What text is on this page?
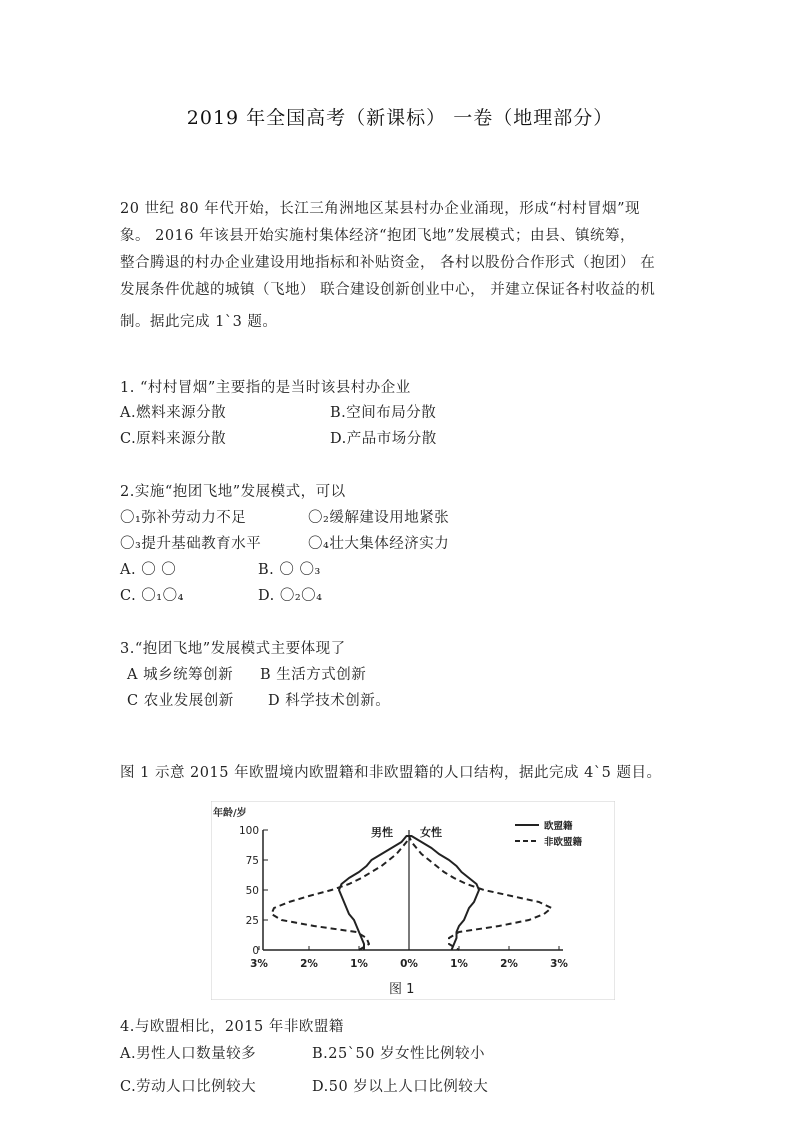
2019 年全国高考（新课标） 一卷（地理部分）
20 世纪 80 年代开始，长江三角洲地区某县村办企业涌现，形成“村村冒烟”现
象。 2016 年该县开始实施村集体经济“抱团飞地”发展模式；由县、镇统筹，
整合腾退的村办企业建设用地指标和补贴资金， 各村以股份合作形式（抱团） 在
发展条件优越的城镇（飞地） 联合建设创新创业中心， 并建立保证各村收益的机
制。据此完成 1`3 题。
1. “村村冒烟”主要指的是当时该县村办企业
A.燃料来源分散	B.空间布局分散
C.原料来源分散	D.产品市场分散
2.实施“抱团飞地”发展模式，可以
〇₁弥补劳动力不足	〇₂缓解建设用地紧张
〇₃提升基础教育水平	〇₄壮大集体经济实力
A. 〇 〇	B. 〇 〇₃
C. 〇₁〇₄	D. 〇₂〇₄
3.“抱团飞地”发展模式主要体现了
A 城乡统筹创新 B 生活方式创新
C 农业发展创新 D 科学技术创新。
图 1 示意 2015 年欧盟境内欧盟籍和非欧盟籍的人口结构，据此完成 4`5 题目。
年龄/岁
男性 女性	欧盟籍
非欧盟籍
0
25
50
75
100
3%	2%	1%	0%	1%	2%	3%
图 1
4.与欧盟相比，2015 年非欧盟籍
A.男性人口数量较多	B.25`50 岁女性比例较小
C.劳动人口比例较大	D.50 岁以上人口比例较大
